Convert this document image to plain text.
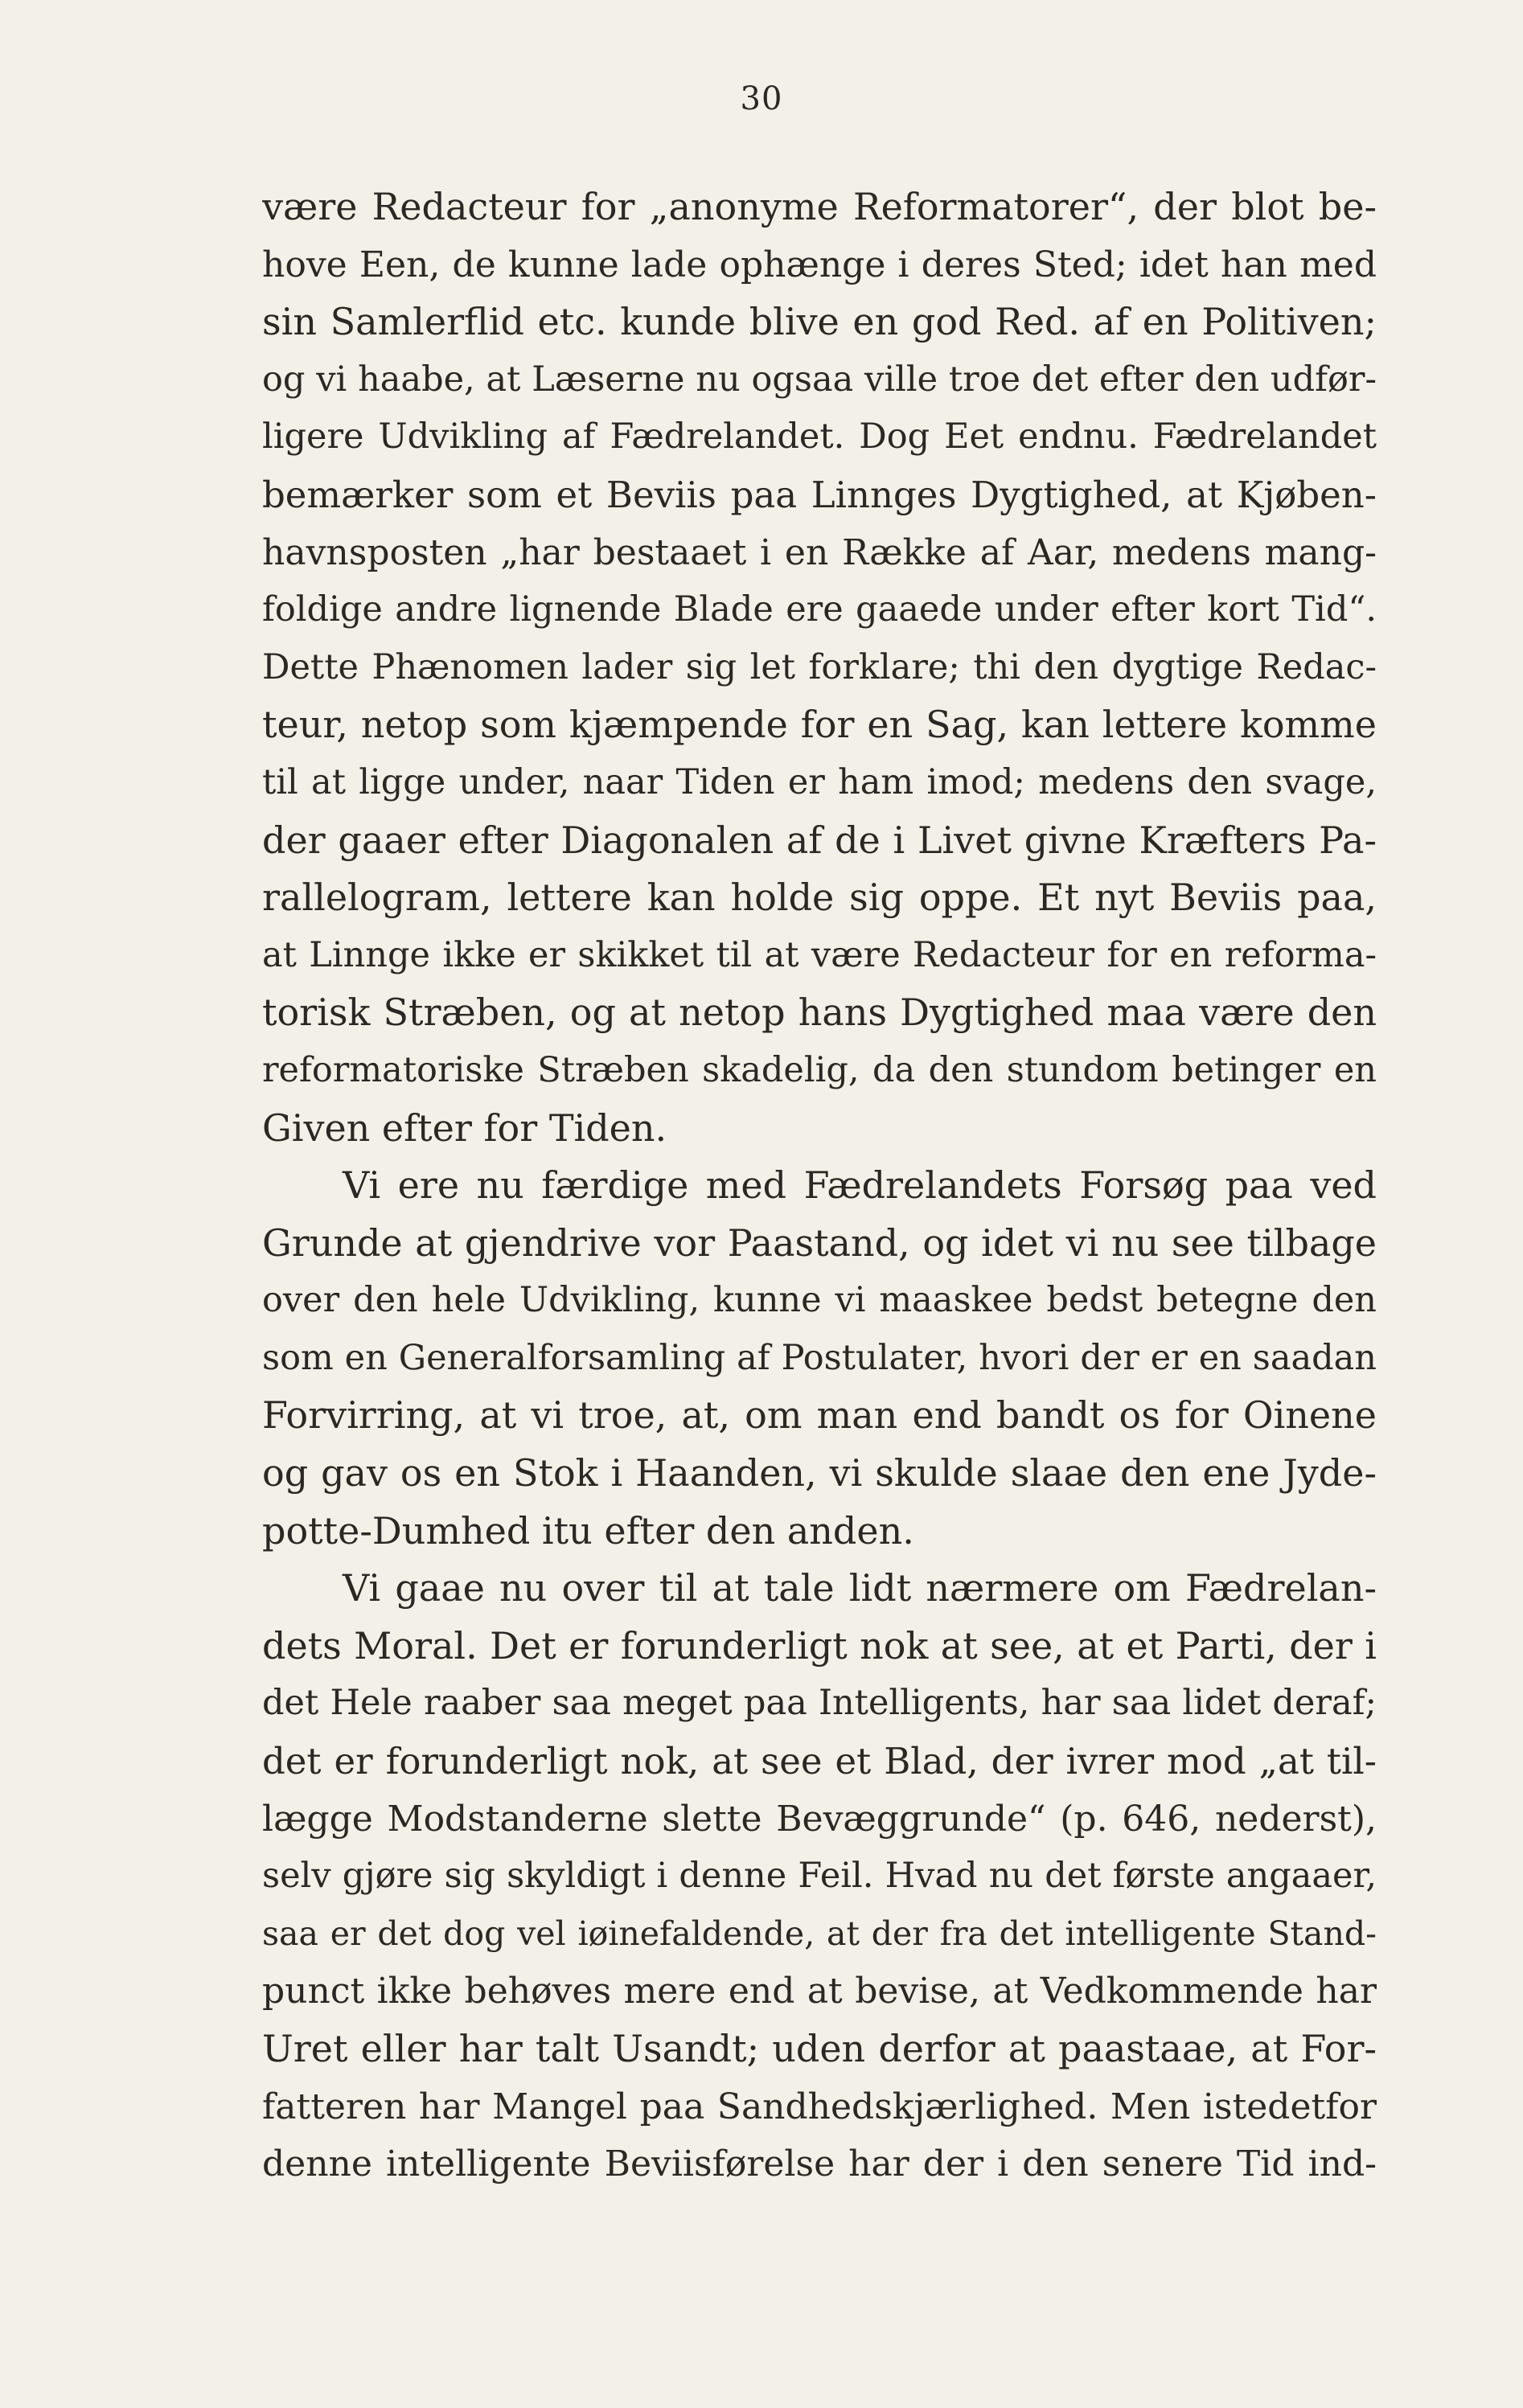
30
være Redacteur for „anonyme Reformatorer“, der blot be-
hove Een, de kunne lade ophænge i deres Sted; idet han med
sin Samlerflid etc. kunde blive en god Red. af en Politiven;
og vi haabe, at Læserne nu ogsaa ville troe det efter den udfør-
ligere Udvikling af Fædrelandet. Dog Eet endnu. Fædrelandet
bemærker som et Beviis paa Linnges Dygtighed, at Kjøben-
havnsposten „har bestaaet i en Række af Aar, medens mang-
foldige andre lignende Blade ere gaaede under efter kort Tid“.
Dette Phænomen lader sig let forklare; thi den dygtige Redac-
teur, netop som kjæmpende for en Sag, kan lettere komme
til at ligge under, naar Tiden er ham imod; medens den svage,
der gaaer efter Diagonalen af de i Livet givne Kræfters Pa-
rallelogram, lettere kan holde sig oppe. Et nyt Beviis paa,
at Linnge ikke er skikket til at være Redacteur for en reforma-
torisk Stræben, og at netop hans Dygtighed maa være den
reformatoriske Stræben skadelig, da den stundom betinger en
Given efter for Tiden.
Vi ere nu færdige med Fædrelandets Forsøg paa ved
Grunde at gjendrive vor Paastand, og idet vi nu see tilbage
over den hele Udvikling, kunne vi maaskee bedst betegne den
som en Generalforsamling af Postulater, hvori der er en saadan
Forvirring, at vi troe, at, om man end bandt os for Oinene
og gav os en Stok i Haanden, vi skulde slaae den ene Jyde-
potte-Dumhed itu efter den anden.
Vi gaae nu over til at tale lidt nærmere om Fædrelan-
dets Moral. Det er forunderligt nok at see, at et Parti, der i
det Hele raaber saa meget paa Intelligents, har saa lidet deraf;
det er forunderligt nok, at see et Blad, der ivrer mod „at til-
lægge Modstanderne slette Bevæggrunde“ (p. 646, nederst),
selv gjøre sig skyldigt i denne Feil. Hvad nu det første angaaer,
saa er det dog vel iøinefaldende, at der fra det intelligente Stand-
punct ikke behøves mere end at bevise, at Vedkommende har
Uret eller har talt Usandt; uden derfor at paastaae, at For-
fatteren har Mangel paa Sandhedskjærlighed. Men istedetfor
denne intelligente Beviisførelse har der i den senere Tid ind-
